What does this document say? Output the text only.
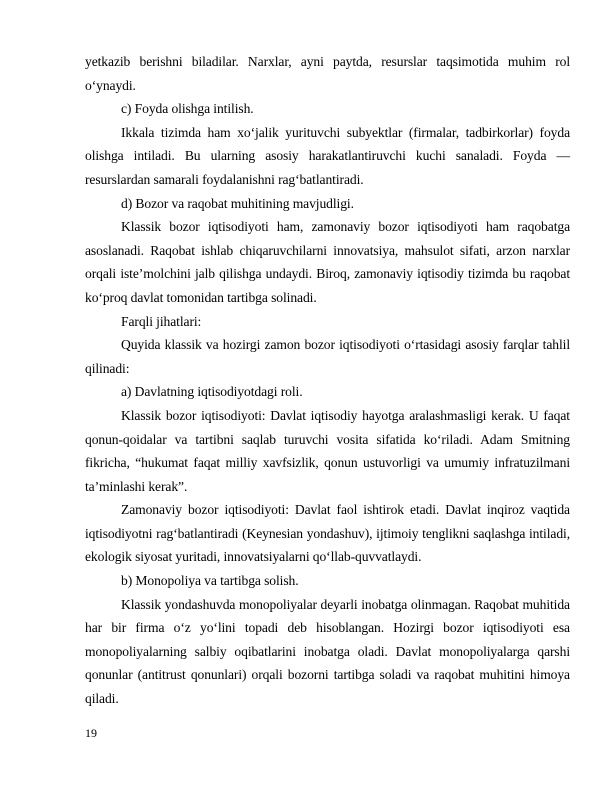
yetkazib berishni biladilar. Narxlar, ayni paytda, resurslar taqsimotida muhim rol o‘ynaydi.

c) Foyda olishga intilish.

Ikkala tizimda ham xo‘jalik yurituvchi subyektlar (firmalar, tadbirkorlar) foyda olishga intiladi. Bu ularning asosiy harakatlantiruvchi kuchi sanaladi. Foyda — resurslardan samarali foydalanishni rag‘batlantiradi.

d) Bozor va raqobat muhitining mavjudligi.

Klassik bozor iqtisodiyoti ham, zamonaviy bozor iqtisodiyoti ham raqobatga asoslanadi. Raqobat ishlab chiqaruvchilarni innovatsiya, mahsulot sifati, arzon narxlar orqali iste’molchini jalb qilishga undaydi. Biroq, zamonaviy iqtisodiy tizimda bu raqobat ko‘proq davlat tomonidan tartibga solinadi.

Farqli jihatlari:

Quyida klassik va hozirgi zamon bozor iqtisodiyoti o‘rtasidagi asosiy farqlar tahlil qilinadi:

a) Davlatning iqtisodiyotdagi roli.

Klassik bozor iqtisodiyoti: Davlat iqtisodiy hayotga aralashmasligi kerak. U faqat qonun-qoidalar va tartibni saqlab turuvchi vosita sifatida ko‘riladi. Adam Smitning fikricha, “hukumat faqat milliy xavfsizlik, qonun ustuvorligi va umumiy infratuzilmani ta’minlashi kerak”.

Zamonaviy bozor iqtisodiyoti: Davlat faol ishtirok etadi. Davlat inqiroz vaqtida iqtisodiyotni rag‘batlantiradi (Keynesian yondashuv), ijtimoiy tenglikni saqlashga intiladi, ekologik siyosat yuritadi, innovatsiyalarni qo‘llab-quvvatlaydi.

b) Monopoliya va tartibga solish.

Klassik yondashuvda monopoliyalar deyarli inobatga olinmagan. Raqobat muhitida har bir firma o‘z yo‘lini topadi deb hisoblangan. Hozirgi bozor iqtisodiyoti esa monopoliyalarning salbiy oqibatlarini inobatga oladi. Davlat monopoliyalarga qarshi qonunlar (antitrust qonunlari) orqali bozorni tartibga soladi va raqobat muhitini himoya qiladi.

19
